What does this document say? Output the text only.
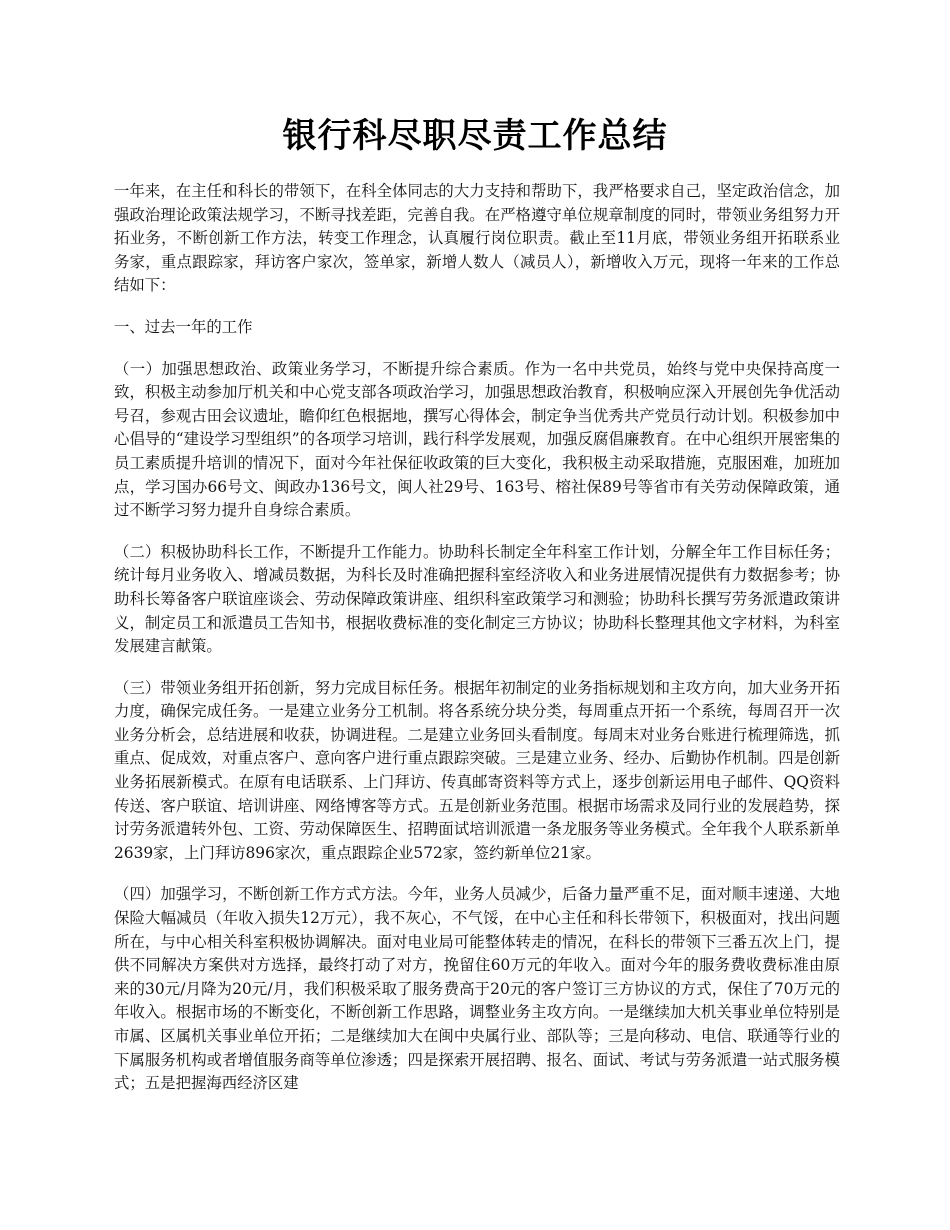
银行科尽职尽责工作总结

一年来，在主任和科长的带领下，在科全体同志的大力支持和帮助下，我严格要求自己，坚定政治信念，加强政治理论政策法规学习，不断寻找差距，完善自我。在严格遵守单位规章制度的同时，带领业务组努力开拓业务，不断创新工作方法，转变工作理念，认真履行岗位职责。截止至11月底，带领业务组开拓联系业务家，重点跟踪家，拜访客户家次，签单家，新增人数人（减员人），新增收入万元，现将一年来的工作总结如下：

一、过去一年的工作

（一）加强思想政治、政策业务学习，不断提升综合素质。作为一名中共党员，始终与党中央保持高度一致，积极主动参加厅机关和中心党支部各项政治学习，加强思想政治教育，积极响应深入开展创先争优活动号召，参观古田会议遗址，瞻仰红色根据地，撰写心得体会，制定争当优秀共产党员行动计划。积极参加中心倡导的“建设学习型组织”的各项学习培训，践行科学发展观，加强反腐倡廉教育。在中心组织开展密集的员工素质提升培训的情况下，面对今年社保征收政策的巨大变化，我积极主动采取措施，克服困难，加班加点，学习国办66号文、闽政办136号文，闽人社29号、163号、榕社保89号等省市有关劳动保障政策，通过不断学习努力提升自身综合素质。

（二）积极协助科长工作，不断提升工作能力。协助科长制定全年科室工作计划，分解全年工作目标任务；统计每月业务收入、增减员数据，为科长及时准确把握科室经济收入和业务进展情况提供有力数据参考；协助科长筹备客户联谊座谈会、劳动保障政策讲座、组织科室政策学习和测验；协助科长撰写劳务派遣政策讲义，制定员工和派遣员工告知书，根据收费标准的变化制定三方协议；协助科长整理其他文字材料，为科室发展建言献策。

（三）带领业务组开拓创新，努力完成目标任务。根据年初制定的业务指标规划和主攻方向，加大业务开拓力度，确保完成任务。一是建立业务分工机制。将各系统分块分类，每周重点开拓一个系统，每周召开一次业务分析会，总结进展和收获，协调进程。二是建立业务回头看制度。每周末对业务台账进行梳理筛选，抓重点、促成效，对重点客户、意向客户进行重点跟踪突破。三是建立业务、经办、后勤协作机制。四是创新业务拓展新模式。在原有电话联系、上门拜访、传真邮寄资料等方式上，逐步创新运用电子邮件、QQ资料传送、客户联谊、培训讲座、网络博客等方式。五是创新业务范围。根据市场需求及同行业的发展趋势，探讨劳务派遣转外包、工资、劳动保障医生、招聘面试培训派遣一条龙服务等业务模式。全年我个人联系新单2639家，上门拜访896家次，重点跟踪企业572家，签约新单位21家。

（四）加强学习，不断创新工作方式方法。今年，业务人员减少，后备力量严重不足，面对顺丰速递、大地保险大幅减员（年收入损失12万元），我不灰心，不气馁，在中心主任和科长带领下，积极面对，找出问题所在，与中心相关科室积极协调解决。面对电业局可能整体转走的情况，在科长的带领下三番五次上门，提供不同解决方案供对方选择，最终打动了对方，挽留住60万元的年收入。面对今年的服务费收费标准由原来的30元/月降为20元/月，我们积极采取了服务费高于20元的客户签订三方协议的方式，保住了70万元的年收入。根据市场的不断变化，不断创新工作思路，调整业务主攻方向。一是继续加大机关事业单位特别是市属、区属机关事业单位开拓；二是继续加大在闽中央属行业、部队等；三是向移动、电信、联通等行业的下属服务机构或者增值服务商等单位渗透；四是探索开展招聘、报名、面试、考试与劳务派遣一站式服务模式；五是把握海西经济区建
